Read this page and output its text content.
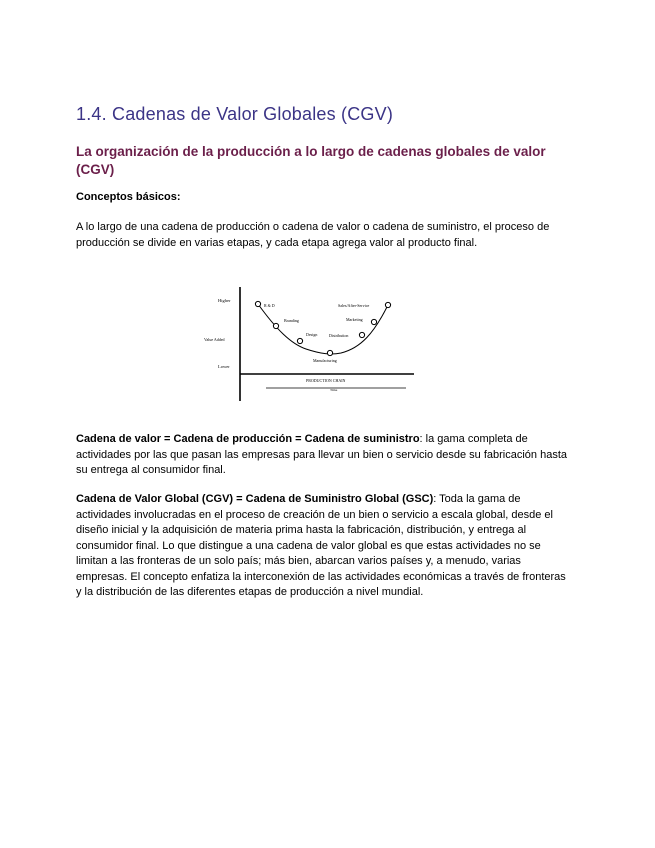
1.4. Cadenas de Valor Globales (CGV)
La organización de la producción a lo largo de cadenas globales de valor (CGV)
Conceptos básicos:
A lo largo de una cadena de producción o cadena de valor o cadena de suministro, el proceso de producción se divide en varias etapas, y cada etapa agrega valor al producto final.
Higher
Value Added
Lower
PRODUCTION CHAIN
Time
R & D
Branding
Design
Manufacturing
Distribution
Marketing
Sales/After-Service
Cadena de valor = Cadena de producción = Cadena de suministro: la gama completa de actividades por las que pasan las empresas para llevar un bien o servicio desde su fabricación hasta su entrega al consumidor final.
Cadena de Valor Global (CGV) = Cadena de Suministro Global (GSC): Toda la gama de actividades involucradas en el proceso de creación de un bien o servicio a escala global, desde el diseño inicial y la adquisición de materia prima hasta la fabricación, distribución, y entrega al consumidor final. Lo que distingue a una cadena de valor global es que estas actividades no se limitan a las fronteras de un solo país; más bien, abarcan varios países y, a menudo, varias empresas. El concepto enfatiza la interconexión de las actividades económicas a través de fronteras y la distribución de las diferentes etapas de producción a nivel mundial.
